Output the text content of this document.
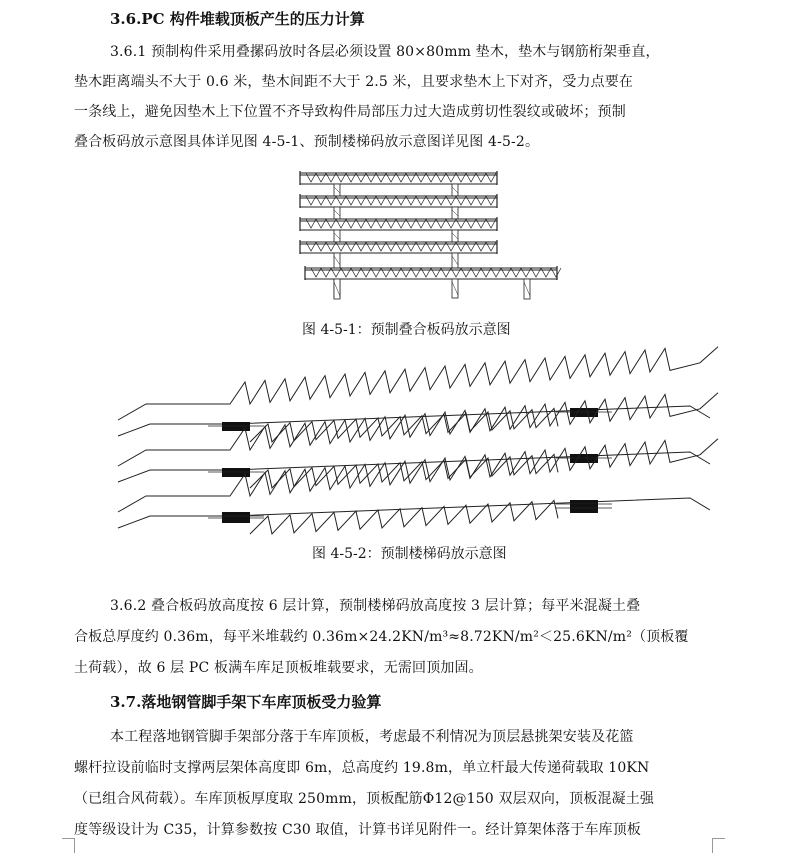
3.6.PC 构件堆载顶板产生的压力计算
3.6.1 预制构件采用叠摞码放时各层必须设置 80×80mm 垫木，垫木与钢筋桁架垂直，
垫木距离端头不大于 0.6 米，垫木间距不大于 2.5 米，且要求垫木上下对齐，受力点要在
一条线上，避免因垫木上下位置不齐导致构件局部压力过大造成剪切性裂纹或破坏；预制
叠合板码放示意图具体详见图 4-5-1、预制楼梯码放示意图详见图 4-5-2。
图 4-5-1：预制叠合板码放示意图
图 4-5-2：预制楼梯码放示意图
3.6.2 叠合板码放高度按 6 层计算，预制楼梯码放高度按 3 层计算；每平米混凝土叠
合板总厚度约 0.36m，每平米堆载约 0.36m×24.2KN/m³≈8.72KN/m²＜25.6KN/m²（顶板覆
土荷载），故 6 层 PC 板满车库足顶板堆载要求，无需回顶加固。
3.7.落地钢管脚手架下车库顶板受力验算
本工程落地钢管脚手架部分落于车库顶板，考虑最不利情况为顶层悬挑架安装及花篮
螺杆拉设前临时支撑两层架体高度即 6m，总高度约 19.8m，单立杆最大传递荷载取 10KN
（已组合风荷载）。车库顶板厚度取 250mm，顶板配筋Φ12@150 双层双向，顶板混凝土强
度等级设计为 C35，计算参数按 C30 取值，计算书详见附件一。经计算架体落于车库顶板
